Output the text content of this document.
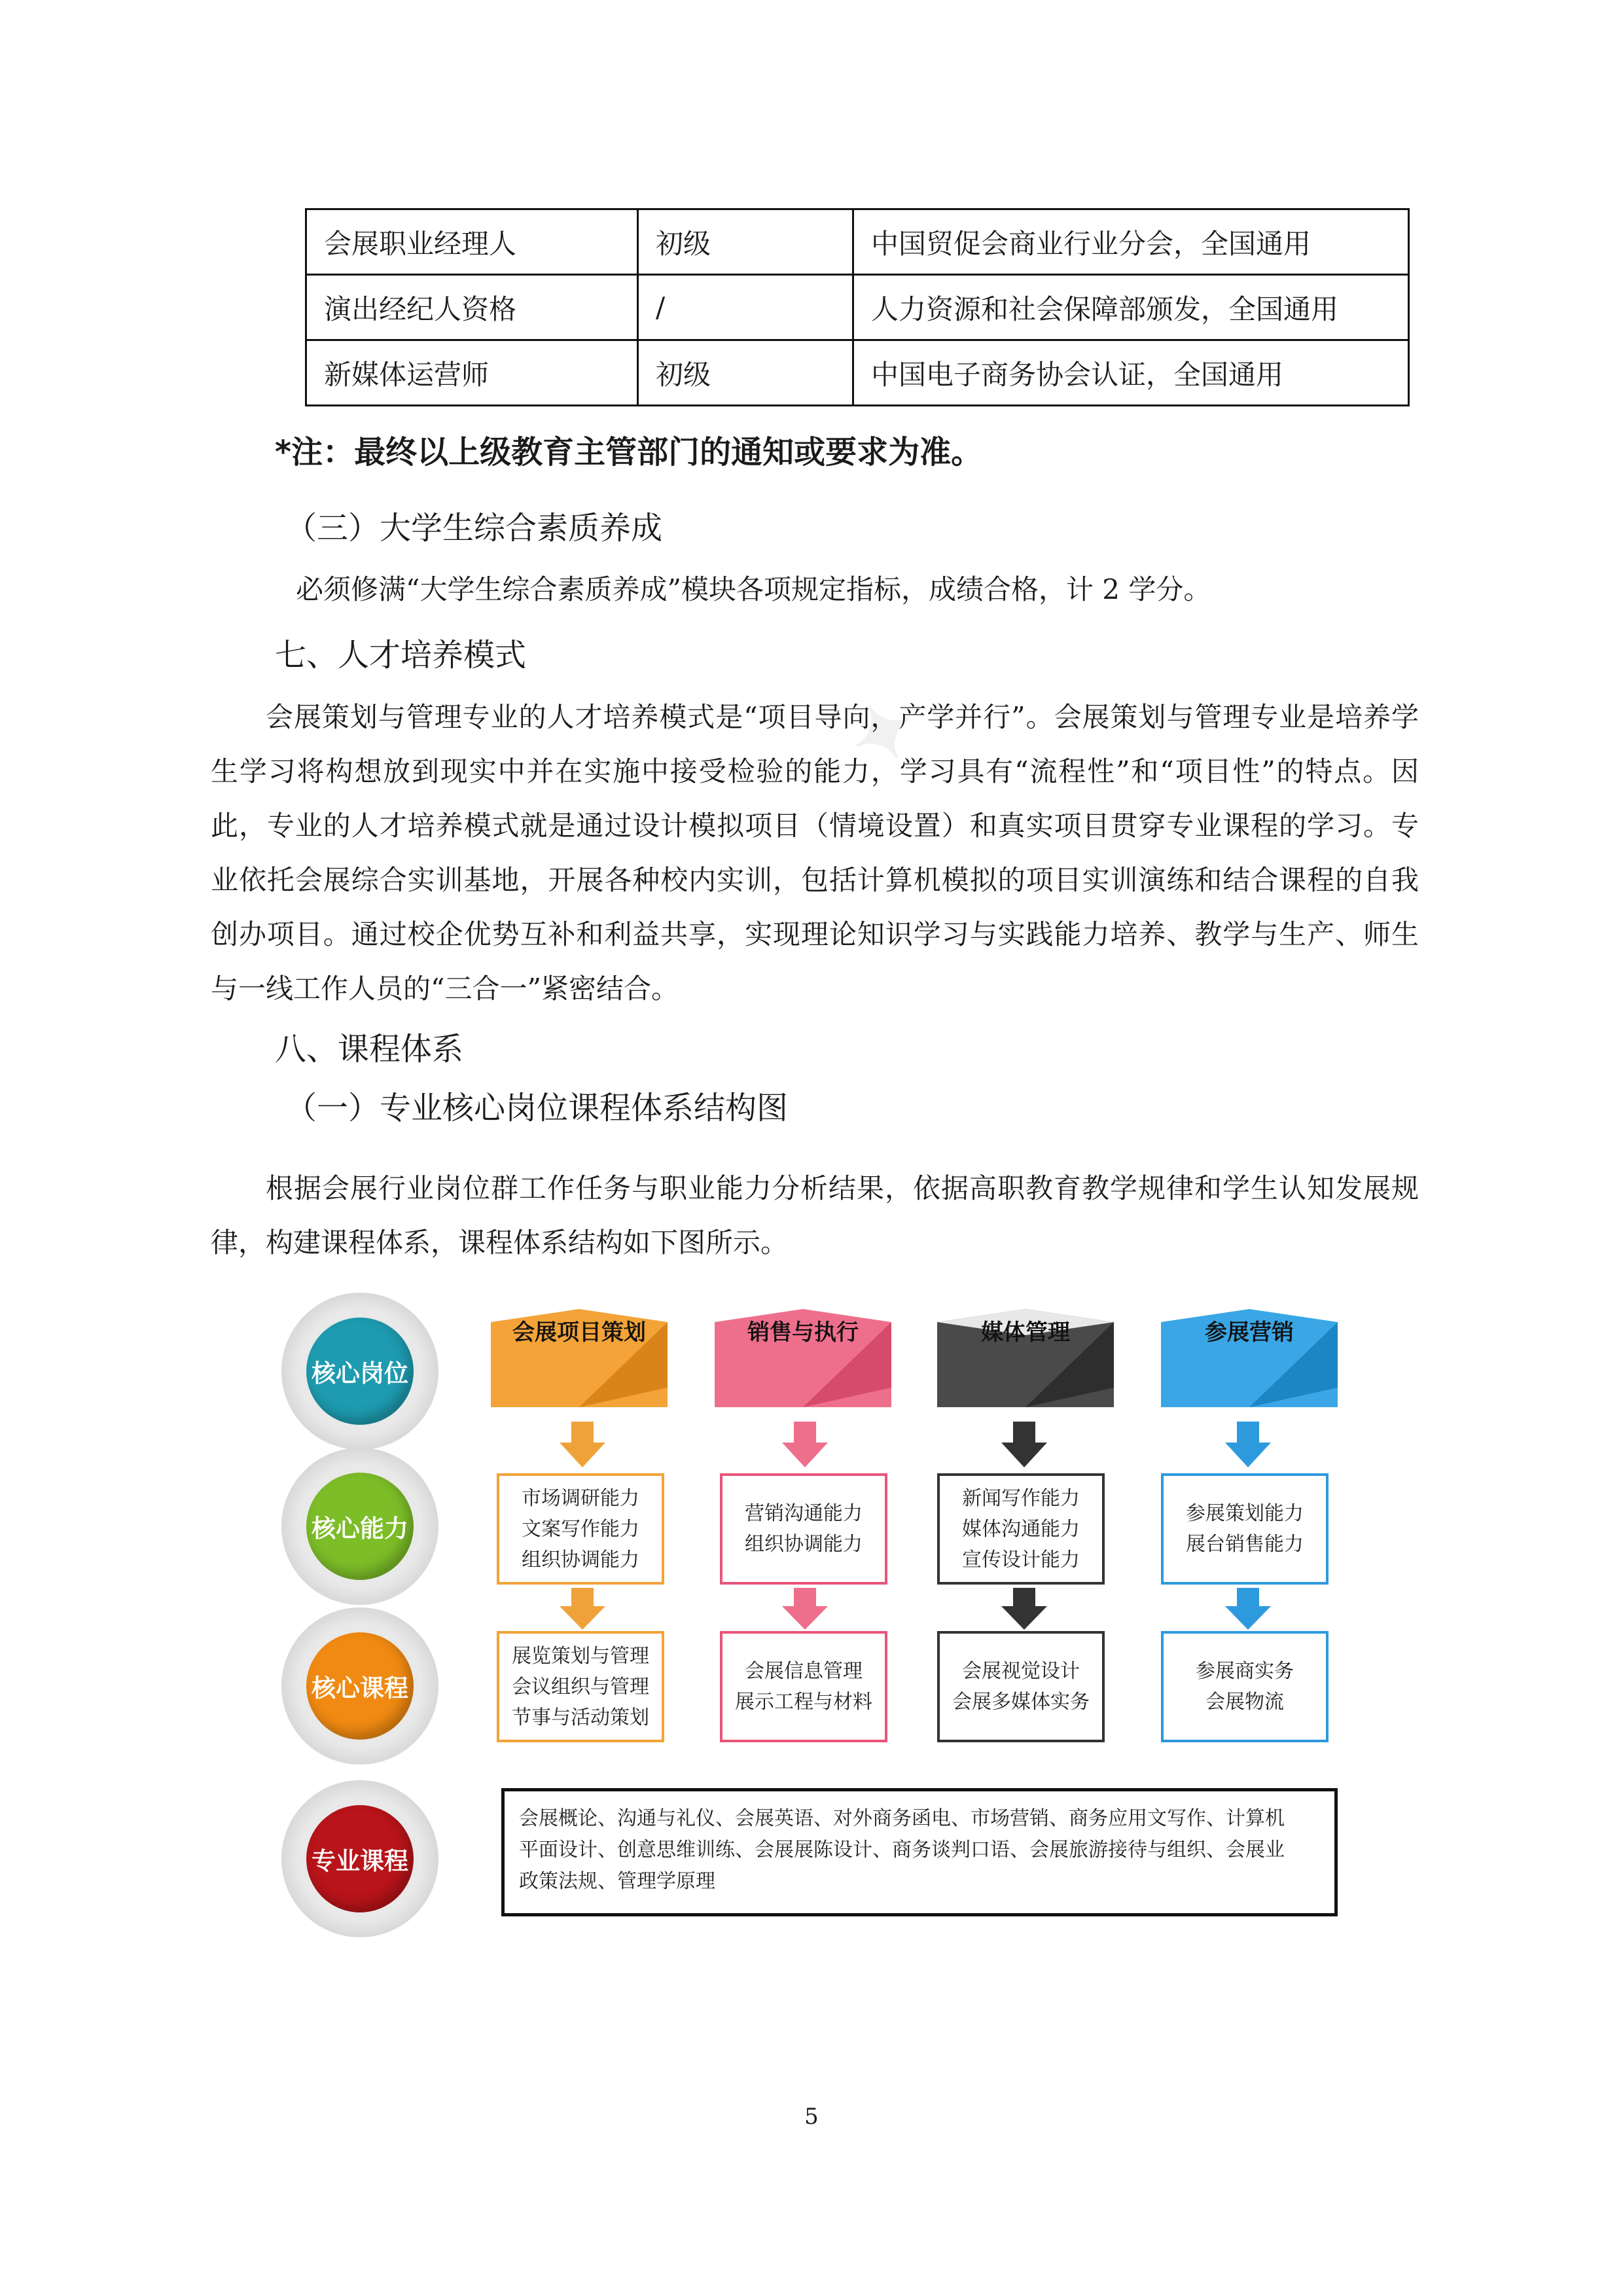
✦
会展职业经理人	初级	中国贸促会商业行业分会，全国通用
演出经纪人资格	/	人力资源和社会保障部颁发，全国通用
新媒体运营师	初级	中国电子商务协会认证，全国通用
*注：最终以上级教育主管部门的通知或要求为准。
（三）大学生综合素质养成
必须修满“大学生综合素质养成”模块各项规定指标，成绩合格，计 2 学分。
七、人才培养模式
会展策划与管理专业的人才培养模式是“项目导向，产学并行”。会展策划与管理专业是培养学生学习将构想放到现实中并在实施中接受检验的能力，学习具有“流程性”和“项目性”的特点。因此，专业的人才培养模式就是通过设计模拟项目（情境设置）和真实项目贯穿专业课程的学习。专业依托会展综合实训基地，开展各种校内实训，包括计算机模拟的项目实训演练和结合课程的自我创办项目。通过校企优势互补和利益共享，实现理论知识学习与实践能力培养、教学与生产、师生与一线工作人员的“三合一”紧密结合。
八、课程体系
（一）专业核心岗位课程体系结构图
根据会展行业岗位群工作任务与职业能力分析结果，依据高职教育教学规律和学生认知发展规律，构建课程体系，课程体系结构如下图所示。
核心岗位
核心能力
核心课程
专业课程
会展项目策划
市场调研能力
文案写作能力
组织协调能力
展览策划与管理
会议组织与管理
节事与活动策划
销售与执行
营销沟通能力
组织协调能力
会展信息管理
展示工程与材料
媒体管理
新闻写作能力
媒体沟通能力
宣传设计能力
会展视觉设计
会展多媒体实务
参展营销
参展策划能力
展台销售能力
参展商实务
会展物流
会展概论、沟通与礼仪、会展英语、对外商务函电、市场营销、商务应用文写作、计算机
平面设计、创意思维训练、会展展陈设计、商务谈判口语、会展旅游接待与组织、会展业
政策法规、管理学原理
5
